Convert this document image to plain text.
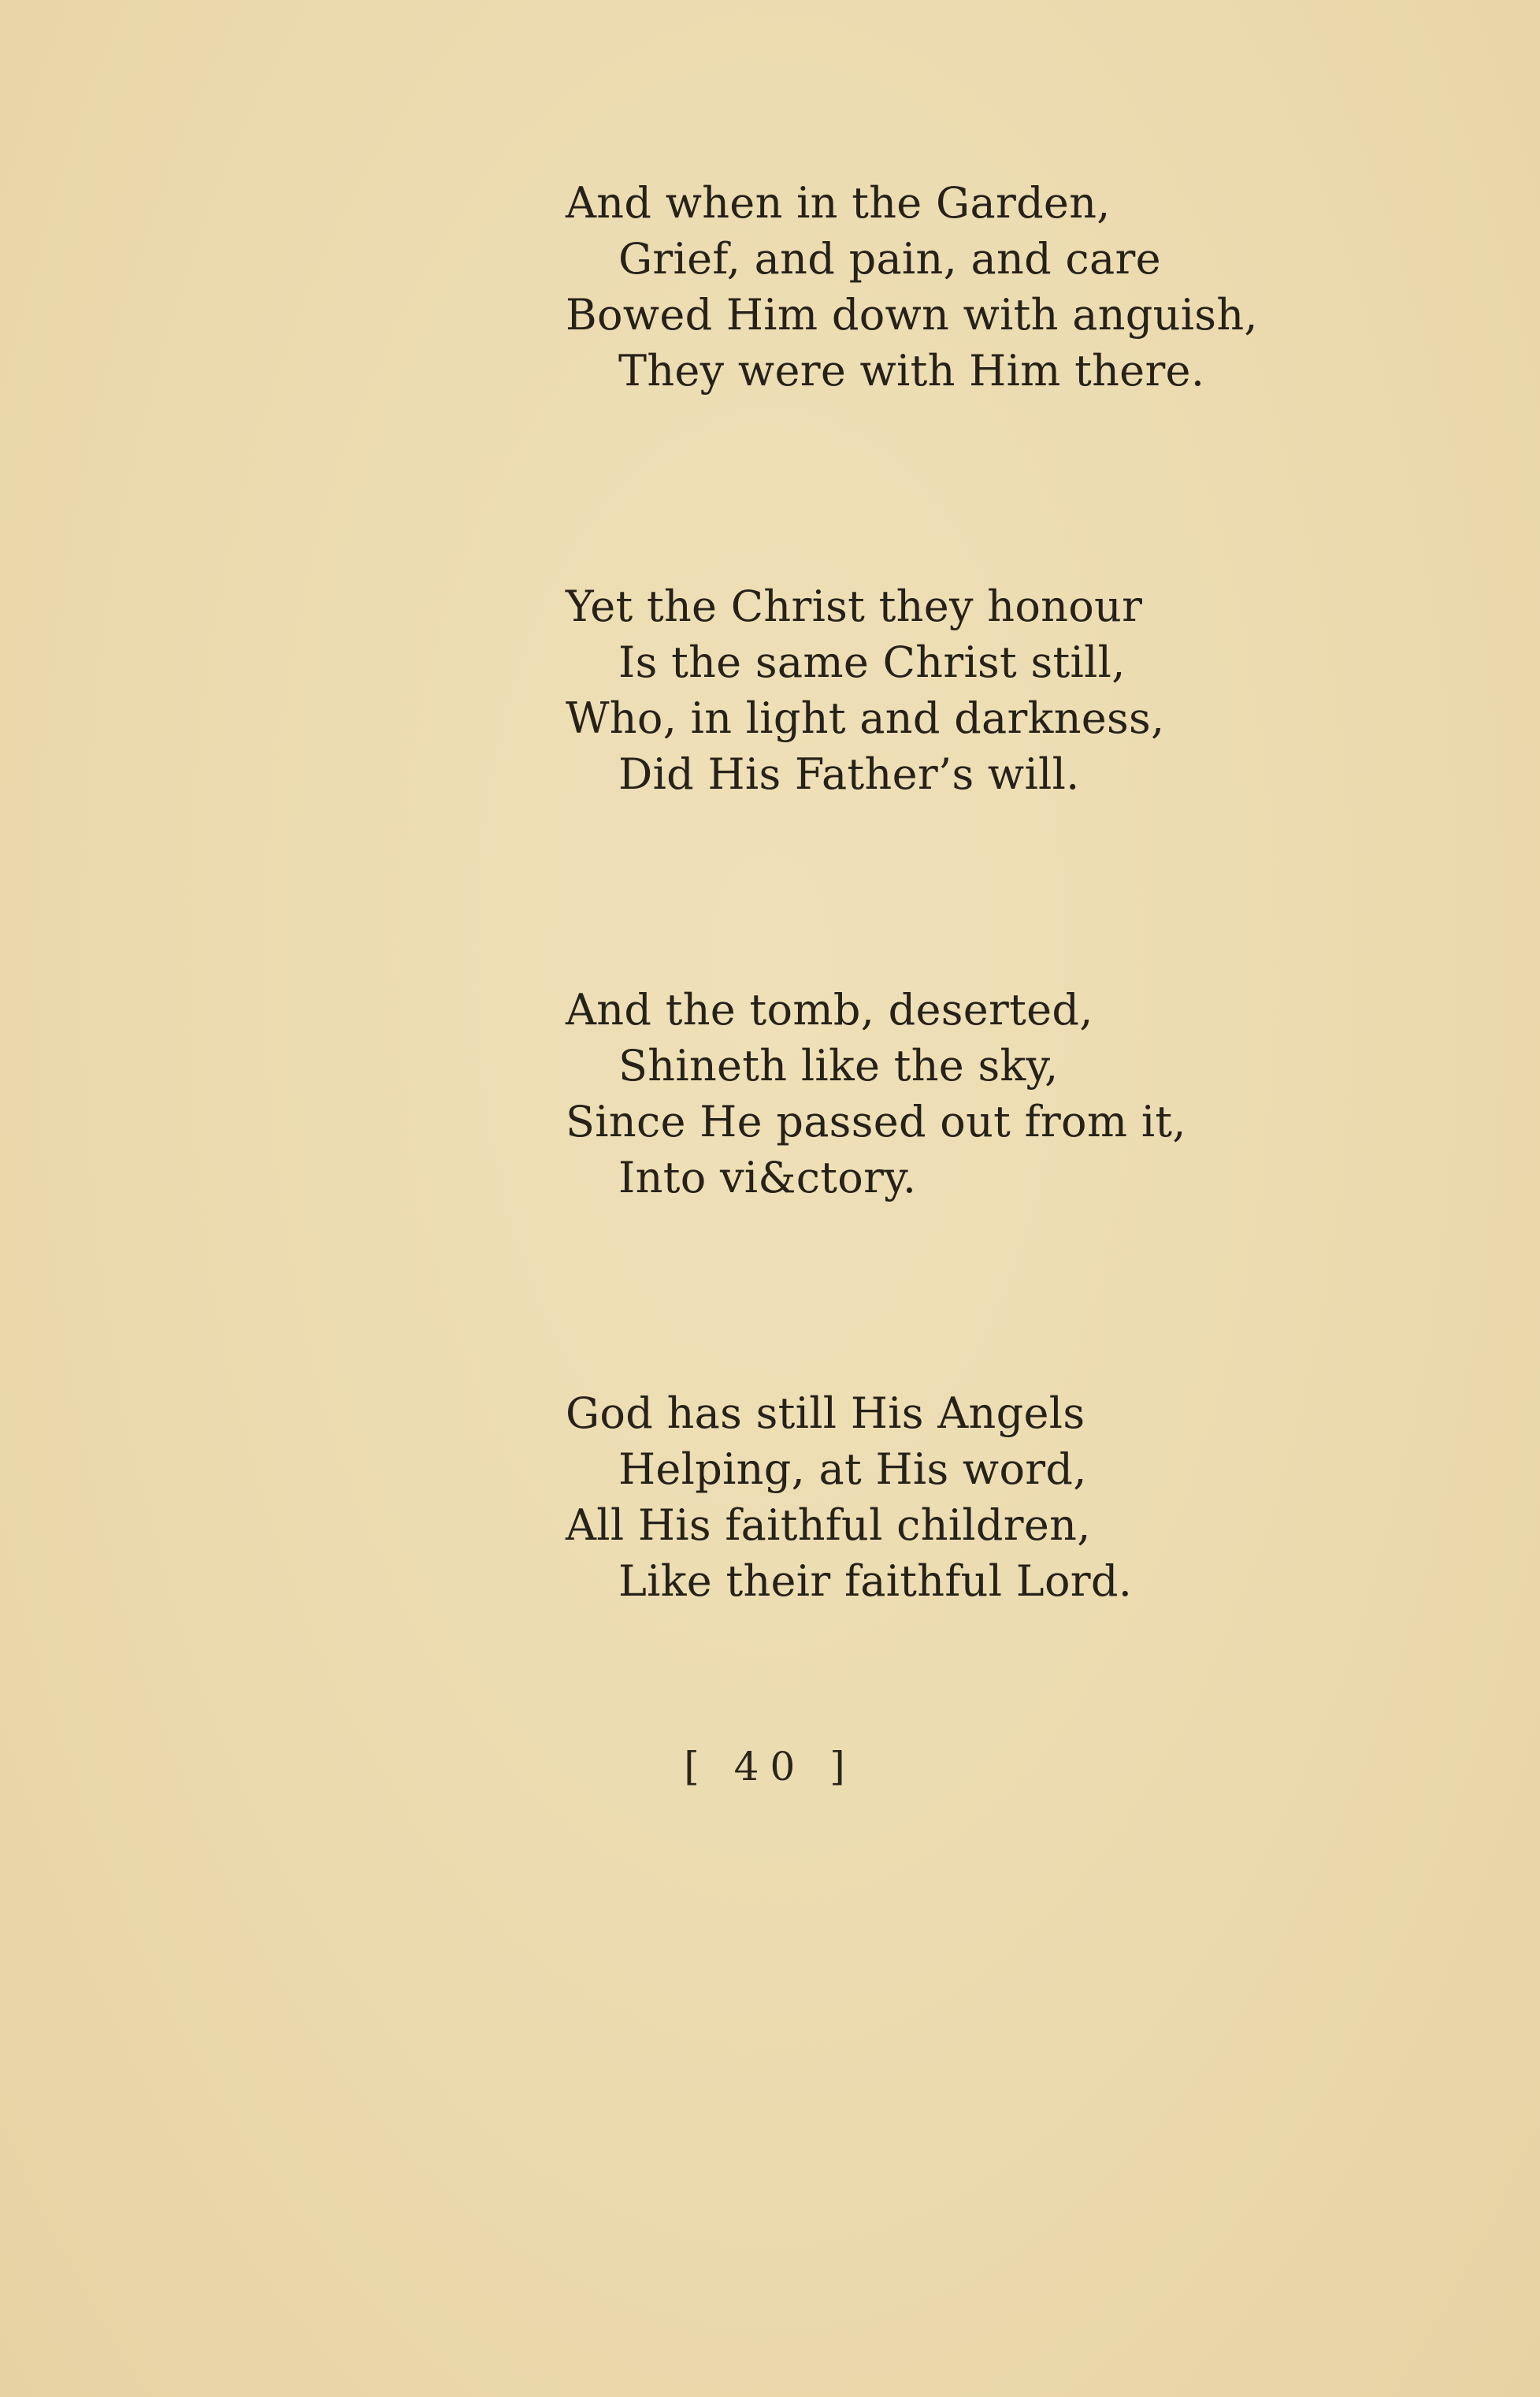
And when in the Garden,
Grief, and pain, and care
Bowed Him down with anguish,
They were with Him there.
Yet the Christ they honour
Is the same Christ still,
Who, in light and darkness,
Did His Father’s will.
And the tomb, deserted,
Shineth like the sky,
Since He passed out from it,
Into vi&ctory.
God has still His Angels
Helping, at His word,
All His faithful children,
Like their faithful Lord.
[ 40 ]
